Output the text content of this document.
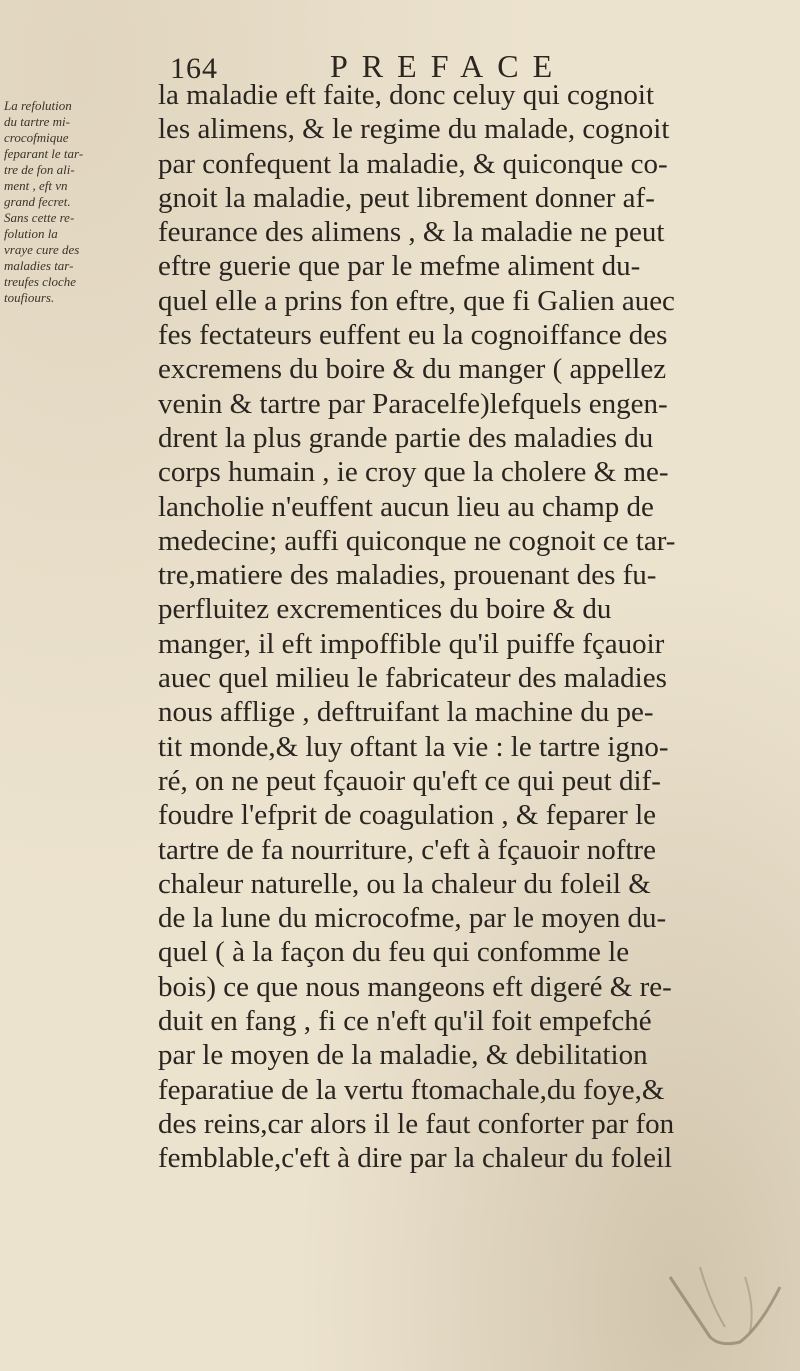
164	PREFACE
La refolution
du tartre mi-
crocofmique
feparant le tar-
tre de fon ali-
ment , eft vn
grand fecret.
Sans cette re-
folution la
vraye cure des
maladies tar-
treufes cloche
toufiours.
la maladie eft faite, donc celuy qui cognoit
les alimens, & le regime du malade, cognoit
par confequent la maladie, & quiconque co-
gnoit la maladie, peut librement donner af-
feurance des alimens , & la maladie ne peut
eftre guerie que par le mefme aliment du-
quel elle a prins fon eftre, que fi Galien auec
fes fectateurs euffent eu la cognoiffance des
excremens du boire & du manger ( appellez
venin & tartre par Paracelfe)lefquels engen-
drent la plus grande partie des maladies du
corps humain , ie croy que la cholere & me-
lancholie n'euffent aucun lieu au champ de
medecine; auffi quiconque ne cognoit ce tar-
tre,matiere des maladies, prouenant des fu-
perfluitez excrementices du boire & du
manger, il eft impoffible qu'il puiffe fçauoir
auec quel milieu le fabricateur des maladies
nous afflige , deftruifant la machine du pe-
tit monde,& luy oftant la vie : le tartre igno-
ré, on ne peut fçauoir qu'eft ce qui peut dif-
foudre l'efprit de coagulation , & feparer le
tartre de fa nourriture, c'eft à fçauoir noftre
chaleur naturelle, ou la chaleur du foleil &
de la lune du microcofme, par le moyen du-
quel ( à la façon du feu qui confomme le
bois) ce que nous mangeons eft digeré & re-
duit en fang , fi ce n'eft qu'il foit empefché
par le moyen de la maladie, & debilitation
feparatiue de la vertu ftomachale,du foye,&
des reins,car alors il le faut conforter par fon
femblable,c'eft à dire par la chaleur du foleil
